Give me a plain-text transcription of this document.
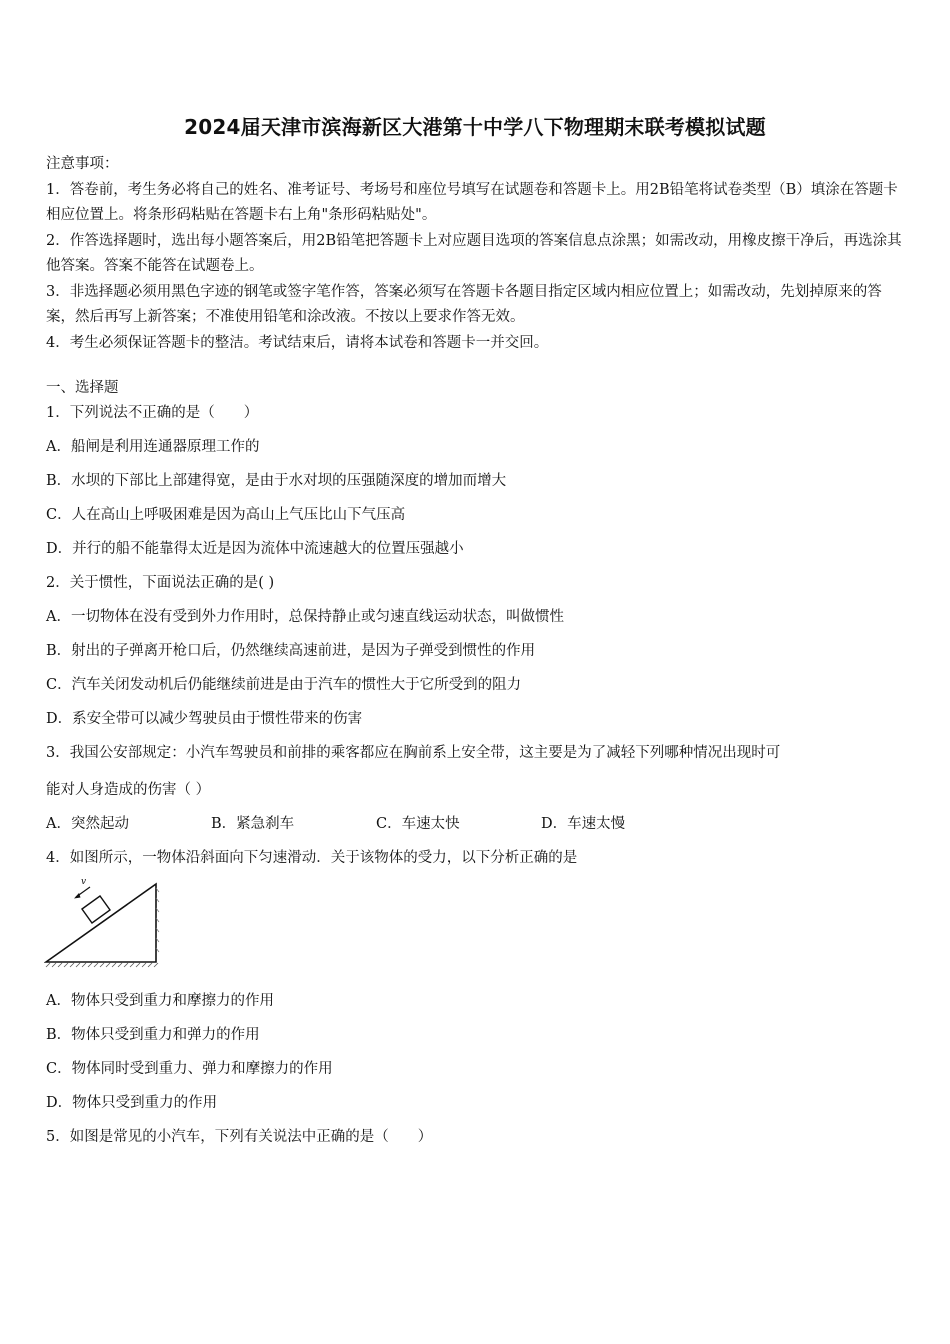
2024届天津市滨海新区大港第十中学八下物理期末联考模拟试题

注意事项：

1．答卷前，考生务必将自己的姓名、准考证号、考场号和座位号填写在试题卷和答题卡上。用2B铅笔将试卷类型（B）填涂在答题卡相应位置上。将条形码粘贴在答题卡右上角"条形码粘贴处"。

2．作答选择题时，选出每小题答案后，用2B铅笔把答题卡上对应题目选项的答案信息点涂黑；如需改动，用橡皮擦干净后，再选涂其他答案。答案不能答在试题卷上。

3．非选择题必须用黑色字迹的钢笔或签字笔作答，答案必须写在答题卡各题目指定区域内相应位置上；如需改动，先划掉原来的答案，然后再写上新答案；不准使用铅笔和涂改液。不按以上要求作答无效。

4．考生必须保证答题卡的整洁。考试结束后，请将本试卷和答题卡一并交回。

一、选择题
1．下列说法不正确的是（　　）
A．船闸是利用连通器原理工作的
B．水坝的下部比上部建得宽，是由于水对坝的压强随深度的增加而增大
C．人在高山上呼吸困难是因为高山上气压比山下气压高
D．并行的船不能靠得太近是因为流体中流速越大的位置压强越小
2．关于惯性，下面说法正确的是( )
A．一切物体在没有受到外力作用时，总保持静止或匀速直线运动状态，叫做惯性
B．射出的子弹离开枪口后，仍然继续高速前进，是因为子弹受到惯性的作用
C．汽车关闭发动机后仍能继续前进是由于汽车的惯性大于它所受到的阻力
D．系安全带可以减少驾驶员由于惯性带来的伤害
3．我国公安部规定：小汽车驾驶员和前排的乘客都应在胸前系上安全带，这主要是为了减轻下列哪种情况出现时可
能对人身造成的伤害（ ）
A．突然起动	B．紧急刹车	C．车速太快	D．车速太慢
4．如图所示，一物体沿斜面向下匀速滑动．关于该物体的受力，以下分析正确的是
v
A．物体只受到重力和摩擦力的作用
B．物体只受到重力和弹力的作用
C．物体同时受到重力、弹力和摩擦力的作用
D．物体只受到重力的作用
5．如图是常见的小汽车，下列有关说法中正确的是（　　）
